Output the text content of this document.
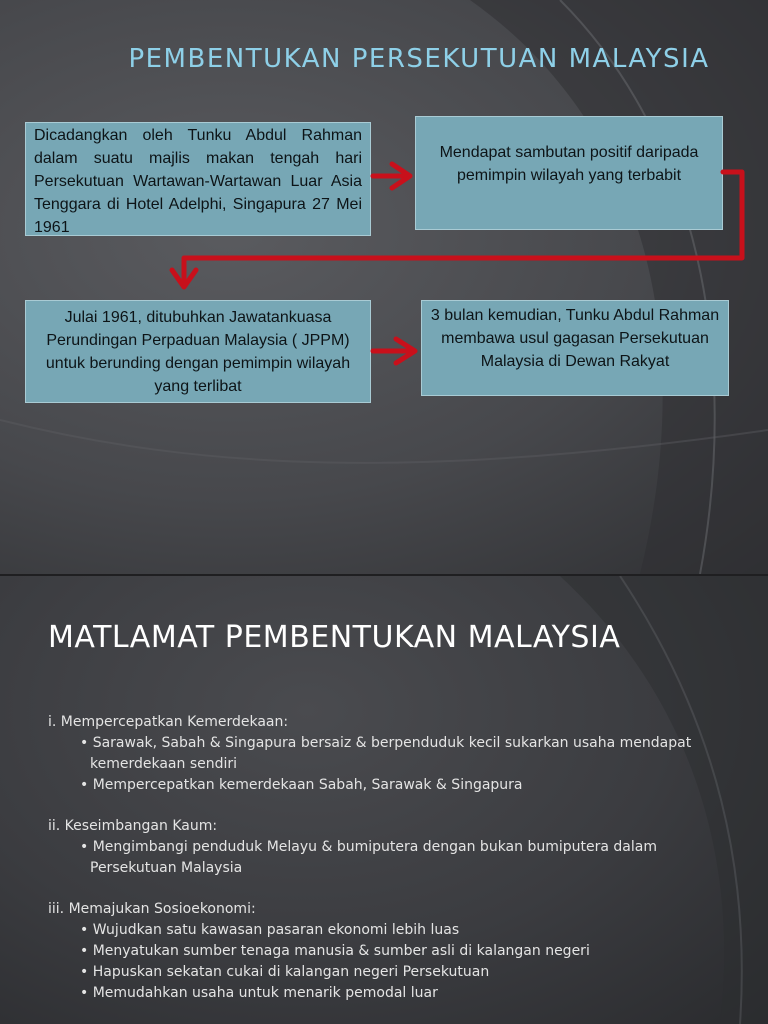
PEMBENTUKAN PERSEKUTUAN MALAYSIA
Dicadangkan oleh Tunku Abdul Rahman dalam suatu majlis makan tengah hari Persekutuan Wartawan-Wartawan Luar Asia Tenggara di Hotel Adelphi, Singapura 27 Mei 1961
Mendapat sambutan positif daripada pemimpin wilayah yang terbabit
Julai 1961, ditubuhkan Jawatankuasa Perundingan Perpaduan Malaysia ( JPPM) untuk berunding dengan pemimpin wilayah yang terlibat
3 bulan kemudian, Tunku Abdul Rahman membawa usul gagasan Persekutuan Malaysia di Dewan Rakyat
MATLAMAT PEMBENTUKAN MALAYSIA
i. Mempercepatkan Kemerdekaan:
• Sarawak, Sabah & Singapura bersaiz & berpenduduk kecil sukarkan usaha mendapat kemerdekaan sendiri
• Mempercepatkan kemerdekaan Sabah, Sarawak & Singapura
ii. Keseimbangan Kaum:
• Mengimbangi penduduk Melayu & bumiputera dengan bukan bumiputera dalam Persekutuan Malaysia
iii. Memajukan Sosioekonomi:
• Wujudkan satu kawasan pasaran ekonomi lebih luas
• Menyatukan sumber tenaga manusia & sumber asli di kalangan negeri
• Hapuskan sekatan cukai di kalangan negeri Persekutuan
• Memudahkan usaha untuk menarik pemodal luar
